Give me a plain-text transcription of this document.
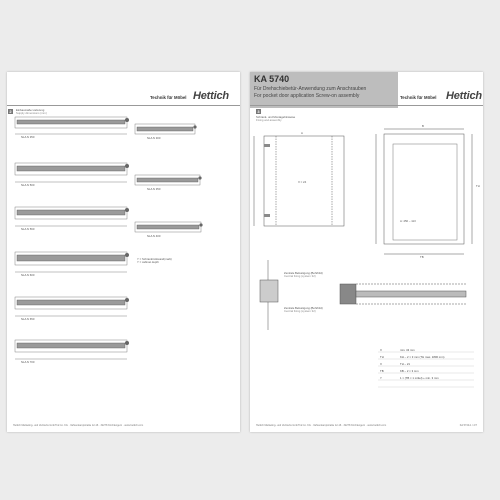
Technik für Möbel Hettich
2	Einbaumaße Lieferung
Supply dimensions (mm)
NL/LN 350
NL/LN 500
NL/LN 560
NL/LN 600
NL/LN 650
NL/LN 700
NL/LN 300
NL/LN 350
NL/LN 400
Y = Schrankrückwand(maß)
Y = cabinet depth
Hettich Marketing- und Vertriebs GmbH & Co. KG · Vahrenkampstraße 12-16 · 32278 Kirchlengern · www.hettich.com
KA 5740
Für Drehschiebetür-Anwendung zum Anschrauben
For pocket door application Screw-on assembly	Technik für Möbel Hettich
3
Schrank- und Montagehinweise
Fixing and assembly
A
X = 24
B
TH
TB
A: 450 – 113
Zentrale Befestigung (Bohrbild)
Central fixing (system 32)
Zentrale Befestigung (Bohrbild)
Central fixing (system 32)
X	min. 43 mm
TH	KH – 2 × 3 mm (TH max. 1800 mm)
X	TH – 21
TB	KB – 2 × 3 mm
Y	1 × (TB × 1 mittel) + min. 3 mm
Hettich Marketing- und Vertriebs GmbH & Co. KG · Vahrenkampstraße 12-16 · 32278 Kirchlengern · www.hettich.com	KA 5740-1 / 2/7
